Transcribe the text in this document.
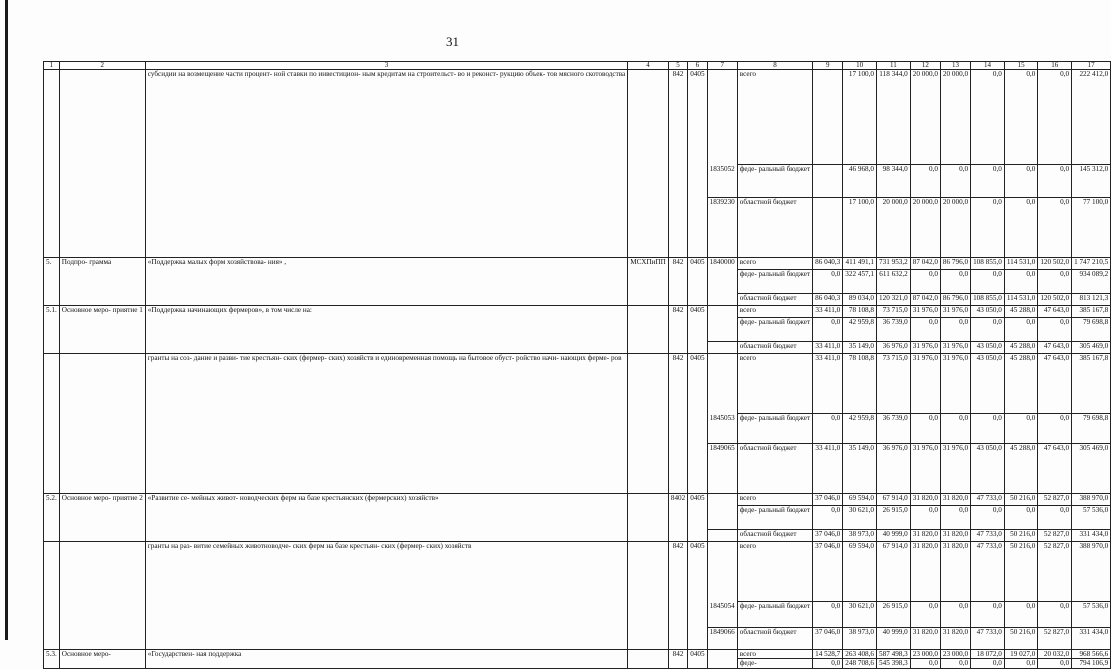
31
1	2	3	4	5	6	7	8	9	10	11	12	13	14	15	16	17
		субсидии на возмещение части процент- ной ставки по инвестицион- ным кредитам на строительст- во и реконст- рукцию объек- тов мясного скотоводства		842	0405		всего		17 100,0	118 344,0	20 000,0	20 000,0	0,0	0,0	0,0	222 412,0
						1835052	феде- ральный бюджет		46 968,0	98 344,0	0,0	0,0	0,0	0,0	0,0	145 312,0
						1839230	областной бюджет		17 100,0	20 000,0	20 000,0	20 000,0	0,0	0,0	0,0	77 100,0
5.	Подпро- грамма	«Поддержка малых форм хозяйствова- ния» ,	МСХПиПП	842	0405	1840000	всего	86 040,3	411 491,1	731 953,2	87 042,0	86 796,0	108 855,0	114 531,0	120 502,0	1 747 210,5
							феде- ральный бюджет	0,0	322 457,1	611 632,2	0,0	0,0	0,0	0,0	0,0	934 089,2
							областной бюджет	86 040,3	89 034,0	120 321,0	87 042,0	86 796,0	108 855,0	114 531,0	120 502,0	813 121,3
5.1.	Основное меро- приятие 1	«Поддержка начинающих фермеров», в том числе на:		842	0405		всего	33 411,0	78 108,8	73 715,0	31 976,0	31 976,0	43 050,0	45 288,0	47 643,0	385 167,8
							феде- ральный бюджет	0,0	42 959,8	36 739,0	0,0	0,0	0,0	0,0	0,0	79 698,8
							областной бюджет	33 411,0	35 149,0	36 976,0	31 976,0	31 976,0	43 050,0	45 288,0	47 643,0	305 469,0
		гранты на соз- дание и разви- тие крестьян- ских (фермер- ских) хозяйств и единовременная помощь на бытовое обуст- ройство начи- нающих ферме- ров		842	0405		всего	33 411,0	78 108,8	73 715,0	31 976,0	31 976,0	43 050,0	45 288,0	47 643,0	385 167,8
						1845053	феде- ральный бюджет	0,0	42 959,8	36 739,0	0,0	0,0	0,0	0,0	0,0	79 698,8
						1849065	областной бюджет	33 411,0	35 149,0	36 976,0	31 976,0	31 976,0	43 050,0	45 288,0	47 643,0	305 469,0
5.2.	Основное меро- приятие 2	«Развитие се- мейных живот- новодческих ферм на базе крестьянских (фермерских) хозяйств»		8402	0405		всего	37 046,0	69 594,0	67 914,0	31 820,0	31 820,0	47 733,0	50 216,0	52 827,0	388 970,0
							феде- ральный бюджет	0,0	30 621,0	26 915,0	0,0	0,0	0,0	0,0	0,0	57 536,0
							областной бюджет	37 046,0	38 973,0	40 999,0	31 820,0	31 820,0	47 733,0	50 216,0	52 827,0	331 434,0
		гранты на раз- витие семейных животноводче- ских ферм на базе крестьян- ских (фермер- ских) хозяйств		842	0405		всего	37 046,0	69 594,0	67 914,0	31 820,0	31 820,0	47 733,0	50 216,0	52 827,0	388 970,0
						1845054	феде- ральный бюджет	0,0	30 621,0	26 915,0	0,0	0,0	0,0	0,0	0,0	57 536,0
						1849066	областной бюджет	37 046,0	38 973,0	40 999,0	31 820,0	31 820,0	47 733,0	50 216,0	52 827,0	331 434,0
5.3.	Основное меро-	«Государствен- ная поддержка		842	0405		всего	14 528,7	263 408,6	587 498,3	23 000,0	23 000,0	18 072,0	19 027,0	20 032,0	968 566,6
							феде-	0,0	248 708,6	545 398,3	0,0	0,0	0,0	0,0	0,0	794 106,9
